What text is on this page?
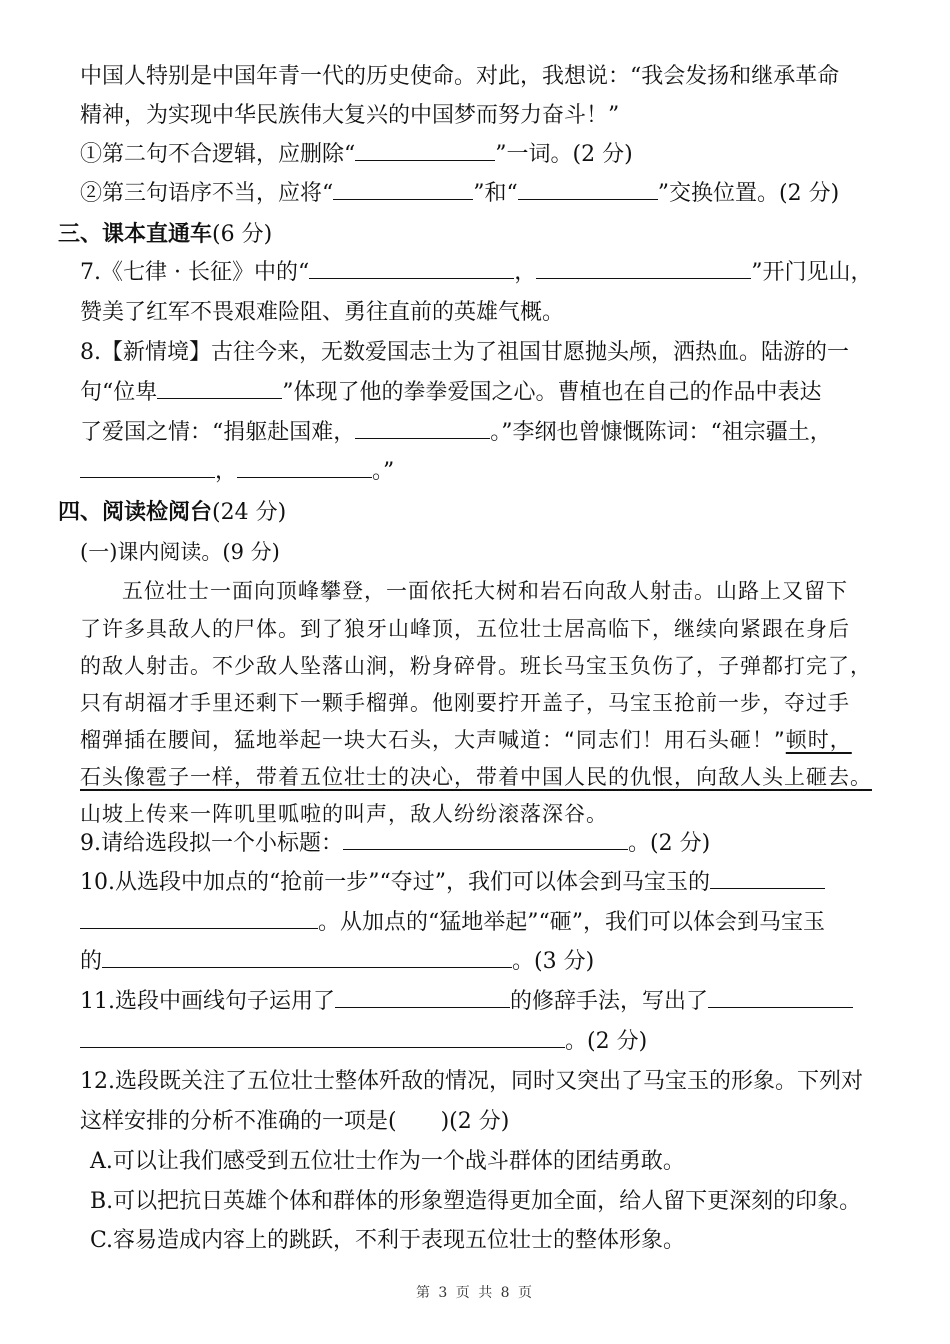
中国人特别是中国年青一代的历史使命。对此，我想说：“我会发扬和继承革命
精神，为实现中华民族伟大复兴的中国梦而努力奋斗！”
①第二句不合逻辑，应删除“	”一词。(2 分)
②第三句语序不当，应将“	”和“	”交换位置。(2 分)
三、课本直通车(6 分)
7.《七律 · 长征》中的“	，	”开门见山，
赞美了红军不畏艰难险阻、勇往直前的英雄气概。
8.【新情境】古往今来，无数爱国志士为了祖国甘愿抛头颅，洒热血。陆游的一
句“位卑	”体现了他的拳拳爱国之心。曹植也在自己的作品中表达
了爱国之情：“捐躯赴国难，	。”李纲也曾慷慨陈词：“祖宗疆土，
，	。”
四、阅读检阅台(24 分)
(一)课内阅读。(9 分)
五位壮士一面向顶峰攀登，一面依托大树和岩石向敌人射击。山路上又留下
了许多具敌人的尸体。到了狼牙山峰顶，五位壮士居高临下，继续向紧跟在身后
的敌人射击。不少敌人坠落山涧，粉身碎骨。班长马宝玉负伤了，子弹都打完了，
只有胡福才手里还剩下一颗手榴弹。他刚要拧开盖子，马宝玉抢前一步，夺过手
榴弹插在腰间，猛地举起一块大石头，大声喊道：“同志们！用石头砸！”顿时，
石头像雹子一样，带着五位壮士的决心，带着中国人民的仇恨，向敌人头上砸去。
山坡上传来一阵叽里呱啦的叫声，敌人纷纷滚落深谷。
9.请给选段拟一个小标题：	。(2 分)
10.从选段中加点的“抢前一步”“夺过”，我们可以体会到马宝玉的
。从加点的“猛地举起”“砸”，我们可以体会到马宝玉
的	。(3 分)
11.选段中画线句子运用了	的修辞手法，写出了
。(2 分)
12.选段既关注了五位壮士整体歼敌的情况，同时又突出了马宝玉的形象。下列对
这样安排的分析不准确的一项是(　　)(2 分)
A.可以让我们感受到五位壮士作为一个战斗群体的团结勇敢。
B.可以把抗日英雄个体和群体的形象塑造得更加全面，给人留下更深刻的印象。
C.容易造成内容上的跳跃，不利于表现五位壮士的整体形象。
第 3 页 共 8 页
